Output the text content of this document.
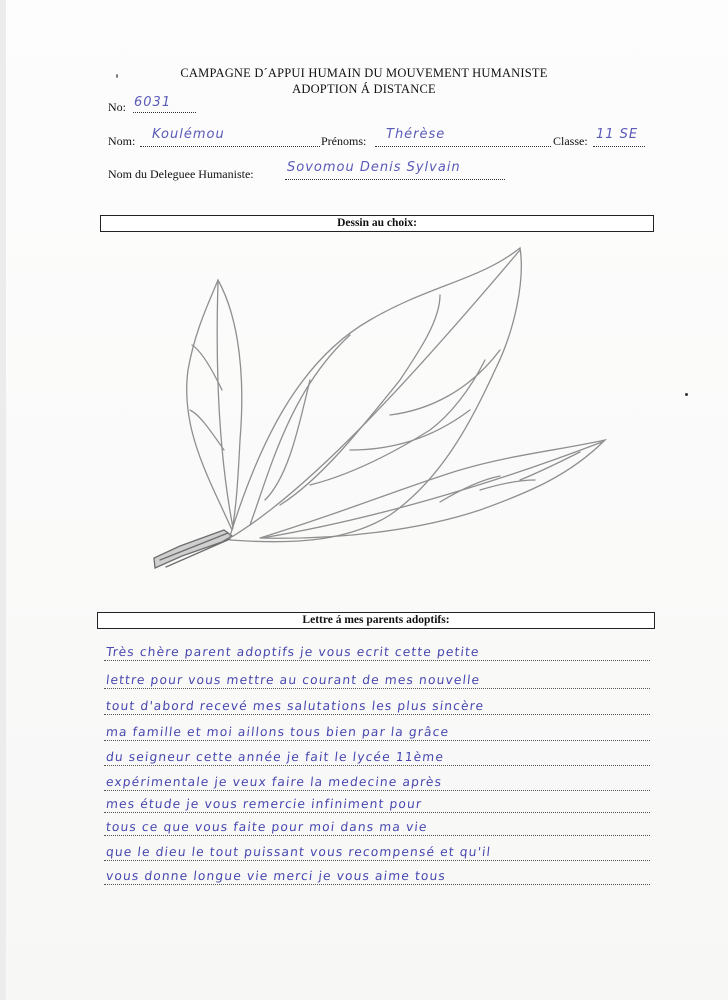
CAMPAGNE D´APPUI HUMAIN DU MOUVEMENT HUMANISTE
ADOPTION Á DISTANCE
No: 6031
Nom: Koulémou	Prénoms: Thérèse	Classe: 11 SE
Nom du Deleguee Humaniste:	Sovomou Denis Sylvain
Dessin au choix:
Lettre á mes parents adoptifs:
Très chère parent adoptifs je vous ecrit cette petite
lettre pour vous mettre au courant de mes nouvelle
tout d'abord recevé mes salutations les plus sincère
ma famille et moi aillons tous bien par la grâce
du seigneur cette année je fait le lycée 11ème
expérimentale je veux faire la medecine après
mes étude je vous remercie infiniment pour
tous ce que vous faite pour moi dans ma vie
que le dieu le tout puissant vous recompensé et qu'il
vous donne longue vie merci je vous aime tous
